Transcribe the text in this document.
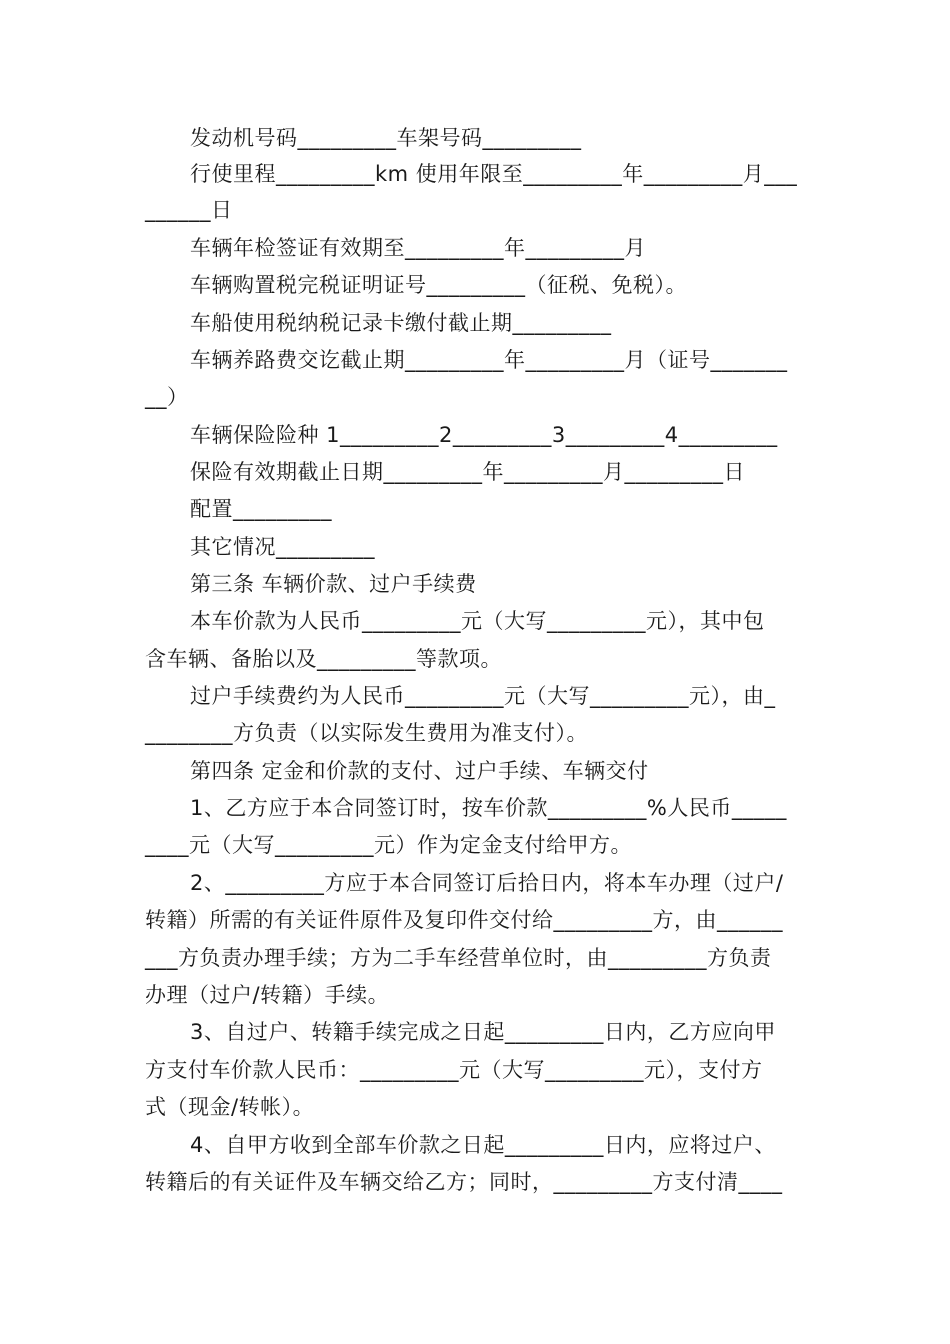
发动机号码_________车架号码_________
行使里程_________km 使用年限至_________年_________月___
______日
车辆年检签证有效期至_________年_________月
车辆购置税完税证明证号_________（征税、免税）。
车船使用税纳税记录卡缴付截止期_________
车辆养路费交讫截止期_________年_________月（证号_______
__）
车辆保险险种 1_________2_________3_________4_________
保险有效期截止日期_________年_________月_________日
配置_________
其它情况_________
第三条 车辆价款、过户手续费
本车价款为人民币_________元（大写_________元），其中包
含车辆、备胎以及_________等款项。
过户手续费约为人民币_________元（大写_________元），由_
________方负责（以实际发生费用为准支付）。
第四条 定金和价款的支付、过户手续、车辆交付
1、乙方应于本合同签订时，按车价款_________%人民币_____
____元（大写_________元）作为定金支付给甲方。
2、_________方应于本合同签订后拾日内，将本车办理（过户/
转籍）所需的有关证件原件及复印件交付给_________方，由______
___方负责办理手续；方为二手车经营单位时，由_________方负责
办理（过户/转籍）手续。
3、自过户、转籍手续完成之日起_________日内，乙方应向甲
方支付车价款人民币：_________元（大写_________元），支付方
式（现金/转帐）。
4、自甲方收到全部车价款之日起_________日内，应将过户、
转籍后的有关证件及车辆交给乙方；同时，_________方支付清____
